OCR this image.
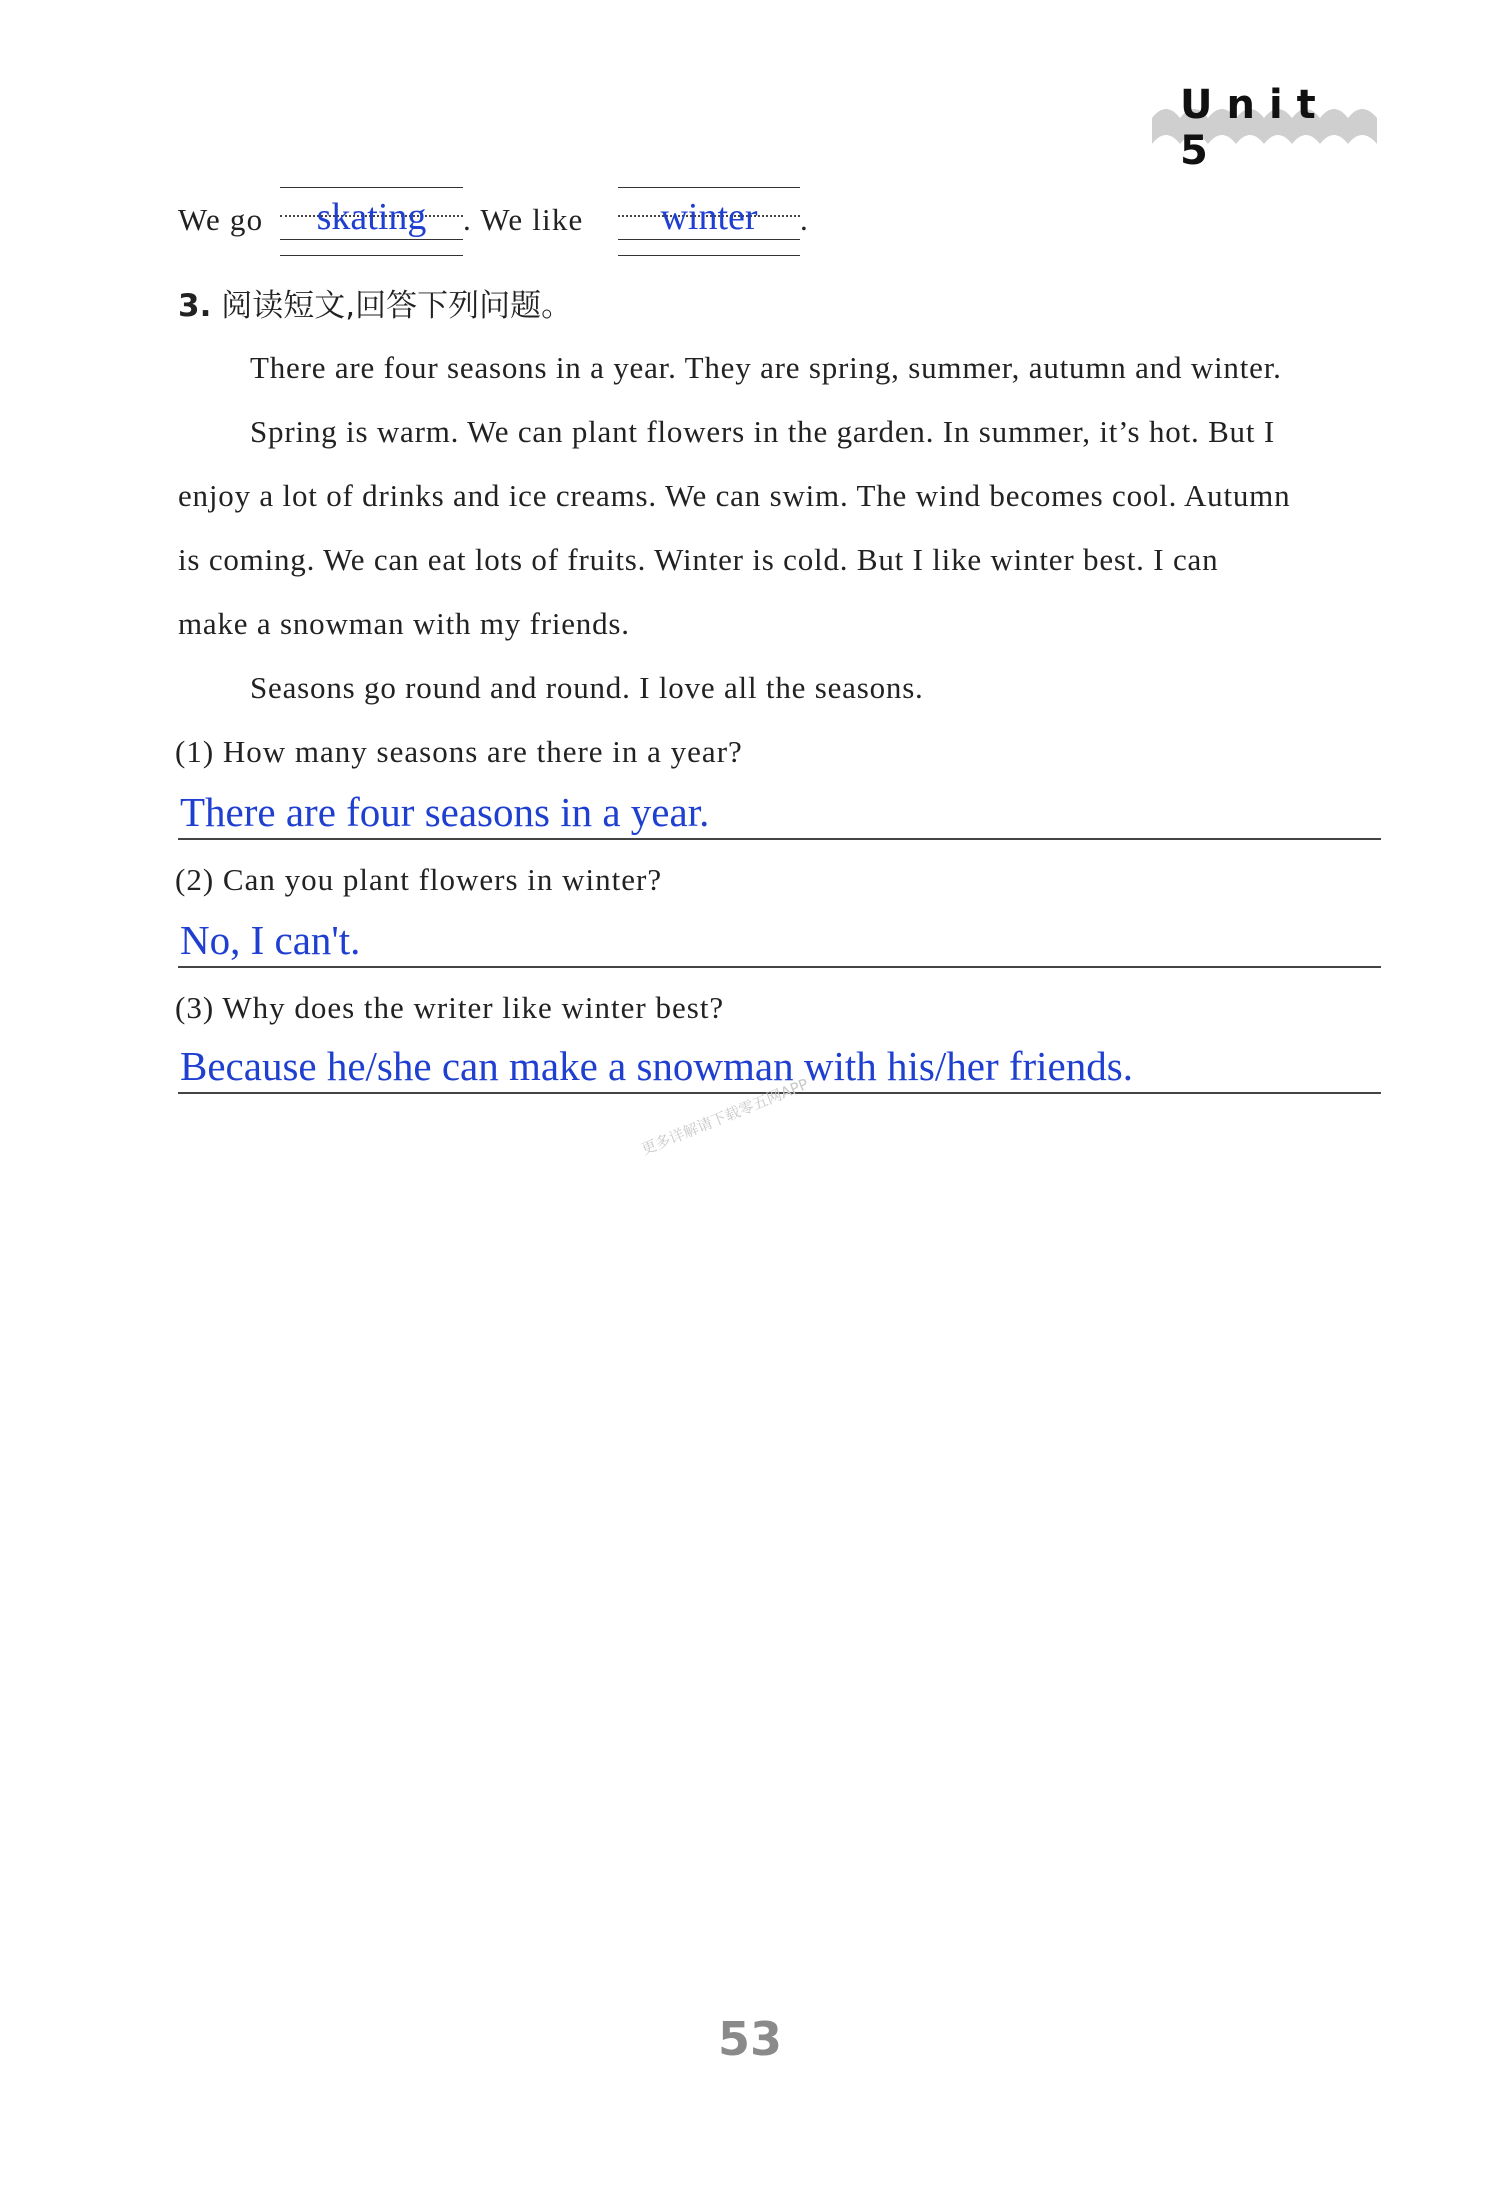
Unit 5
We go	skating	. We like	winter	.
3. 阅读短文,回答下列问题。
There are four seasons in a year. They are spring, summer, autumn and winter.
Spring is warm. We can plant flowers in the garden. In summer, it’s hot. But I
enjoy a lot of drinks and ice creams. We can swim. The wind becomes cool. Autumn
is coming. We can eat lots of fruits. Winter is cold. But I like winter best. I can
make a snowman with my friends.
Seasons go round and round. I love all the seasons.
(1) How many seasons are there in a year?
There are four seasons in a year.
(2) Can you plant flowers in winter?
No, I can't.
(3) Why does the writer like winter best?
Because he/she can make a snowman with his/her friends.
更多详解请下载零五网APP
53
